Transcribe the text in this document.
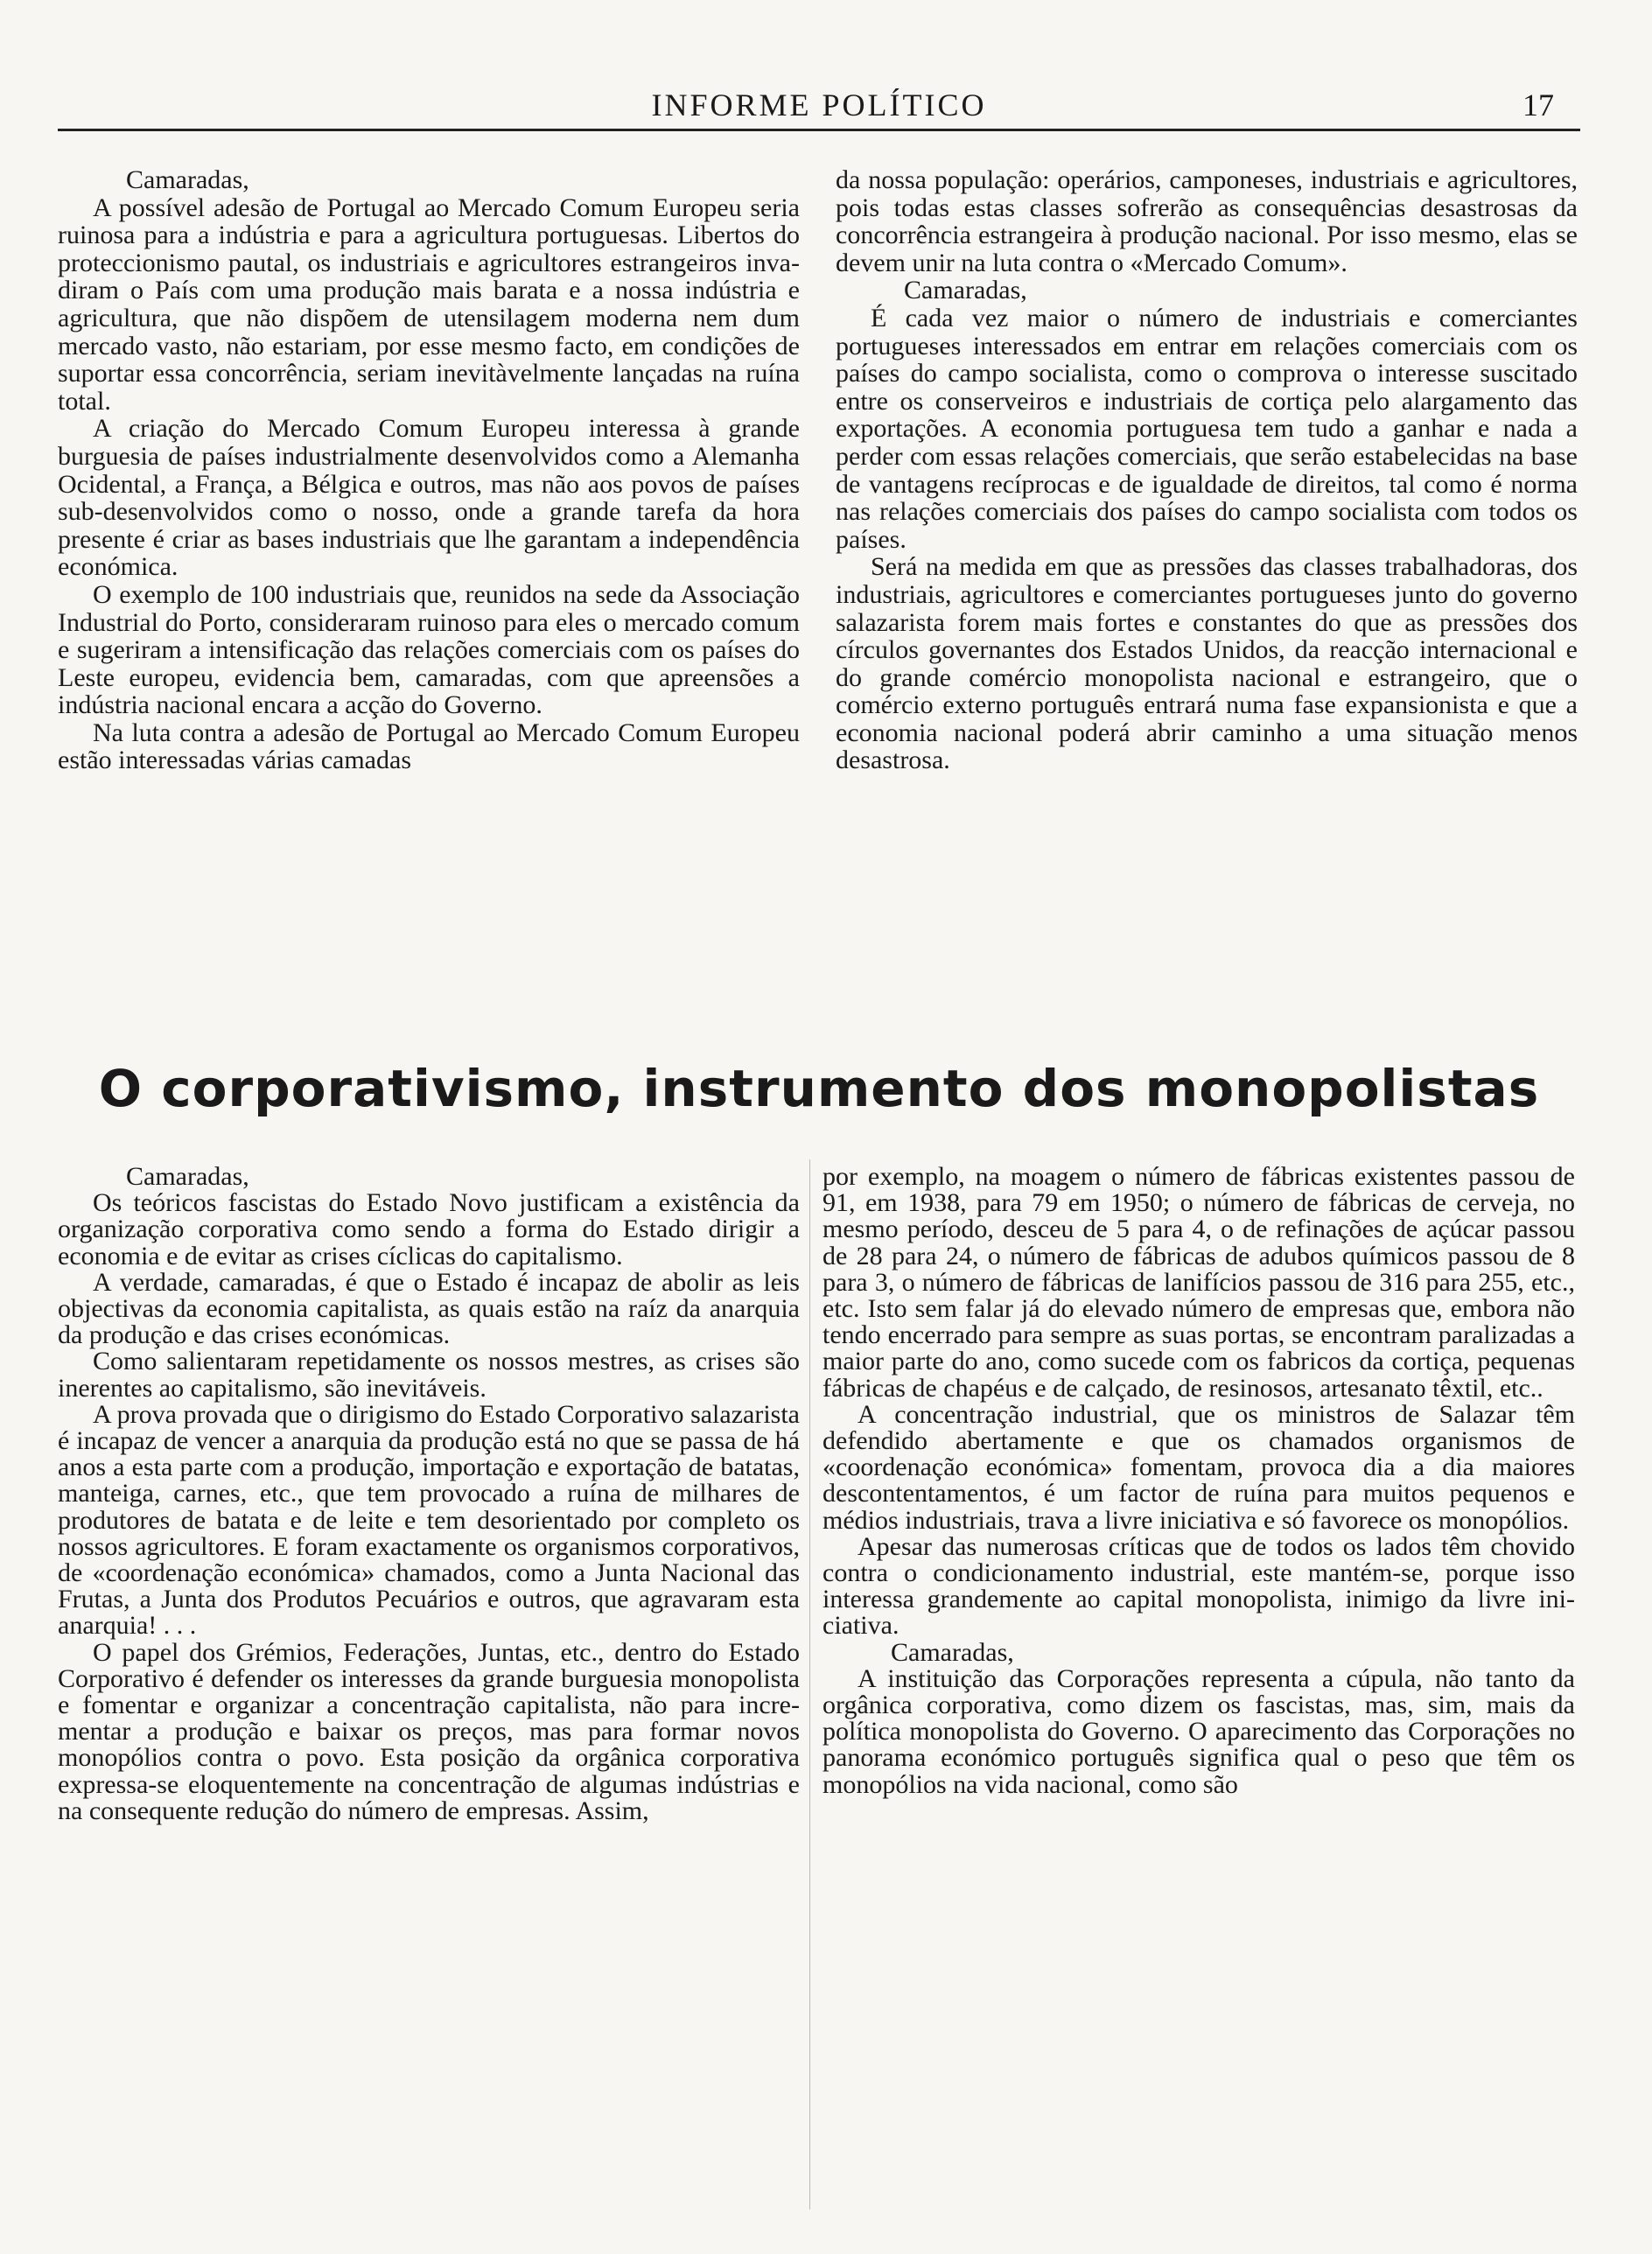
INFORME POLÍTICO	17

Camaradas,

A possível adesão de Portugal ao Mercado Comum Europeu seria ruinosa para a indústria e para a agricultura portuguesas. Libertos do proteccionismo pautal, os industriais e agricultores estrangeiros invadiram o País com uma produção mais barata e a nossa indústria e agricultura, que não dispõem de utensilagem moderna nem dum mercado vasto, não estariam, por esse mesmo facto, em condições de suportar essa concorrência, seriam inevitàvelmente lançadas na ruína total.

A criação do Mercado Comum Europeu interessa à grande burguesia de países industrialmente desenvolvidos como a Alemanha Ocidental, a França, a Bélgica e outros, mas não aos povos de países sub-desenvolvidos como o nosso, onde a grande tarefa da hora presente é criar as bases industriais que lhe garantam a independência económica.

O exemplo de 100 industriais que, reunidos na sede da Associação Industrial do Porto, consideraram ruinoso para eles o mercado comum e sugeriram a intensificação das relações comerciais com os países do Leste europeu, evidencia bem, camaradas, com que apreensões a indústria nacional encara a acção do Governo.

Na luta contra a adesão de Portugal ao Mercado Comum Europeu estão interessadas várias camadas

da nossa população: operários, camponeses, industriais e agricultores, pois todas estas classes sofrerão as consequências desastrosas da concorrência estrangeira à produção nacional. Por isso mesmo, elas se devem unir na luta contra o «Mercado Comum».

Camaradas,

É cada vez maior o número de industriais e comerciantes portugueses interessados em entrar em relações comerciais com os países do campo socialista, como o comprova o interesse suscitado entre os conserveiros e industriais de cortiça pelo alargamento das exportações. A economia portuguesa tem tudo a ganhar e nada a perder com essas relações comerciais, que serão estabelecidas na base de vantagens recíprocas e de igualdade de direitos, tal como é norma nas relações comerciais dos países do campo socialista com todos os países.

Será na medida em que as pressões das classes trabalhadoras, dos industriais, agricultores e comerciantes portugueses junto do governo salazarista forem mais fortes e constantes do que as pressões dos círculos governantes dos Estados Unidos, da reacção internacional e do grande comércio monopolista nacional e estrangeiro, que o comércio externo português entrará numa fase expansionista e que a economia nacional poderá abrir caminho a uma situação menos desastrosa.

O corporativismo, instrumento dos monopolistas

Camaradas,

Os teóricos fascistas do Estado Novo justificam a existência da organização corporativa como sendo a forma do Estado dirigir a economia e de evitar as crises cíclicas do capitalismo.

A verdade, camaradas, é que o Estado é incapaz de abolir as leis objectivas da economia capitalista, as quais estão na raíz da anarquia da produção e das crises económicas.

Como salientaram repetidamente os nossos mestres, as crises são inerentes ao capitalismo, são inevitáveis.

A prova provada que o dirigismo do Estado Corporativo salazarista é incapaz de vencer a anarquia da produção está no que se passa de há anos a esta parte com a produção, importação e exportação de batatas, manteiga, carnes, etc., que tem provocado a ruína de milhares de produtores de batata e de leite e tem desorientado por completo os nossos agricultores. E foram exactamente os organismos corporativos, de «coordenação económica» chamados, como a Junta Nacional das Frutas, a Junta dos Produtos Pecuários e outros, que agravaram esta anarquia! . . .

O papel dos Grémios, Federações, Juntas, etc., dentro do Estado Corporativo é defender os interesses da grande burguesia monopolista e fomentar e organizar a concentração capitalista, não para incrementar a produção e baixar os preços, mas para formar novos monopólios contra o povo. Esta posição da orgânica corporativa expressa-se eloquentemente na concentração de algumas indústrias e na consequente redução do número de empresas. Assim,

por exemplo, na moagem o número de fábricas existentes passou de 91, em 1938, para 79 em 1950; o número de fábricas de cerveja, no mesmo período, desceu de 5 para 4, o de refinações de açúcar passou de 28 para 24, o número de fábricas de adubos químicos passou de 8 para 3, o número de fábricas de lanifícios passou de 316 para 255, etc., etc. Isto sem falar já do elevado número de empresas que, embora não tendo encerrado para sempre as suas portas, se encontram paralizadas a maior parte do ano, como sucede com os fabricos da cortiça, pequenas fábricas de chapéus e de calçado, de resinosos, artesanato têxtil, etc..

A concentração industrial, que os ministros de Salazar têm defendido abertamente e que os chamados organismos de «coordenação económica» fomentam, provoca dia a dia maiores descontentamentos, é um factor de ruína para muitos pequenos e médios industriais, trava a livre iniciativa e só favorece os monopólios.

Apesar das numerosas críticas que de todos os lados têm chovido contra o condicionamento industrial, este mantém-se, porque isso interessa grandemente ao capital monopolista, inimigo da livre iniciativa.

Camaradas,

A instituição das Corporações representa a cúpula, não tanto da orgânica corporativa, como dizem os fascistas, mas, sim, mais da política monopolista do Governo. O aparecimento das Corporações no panorama económico português significa qual o peso que têm os monopólios na vida nacional, como são
